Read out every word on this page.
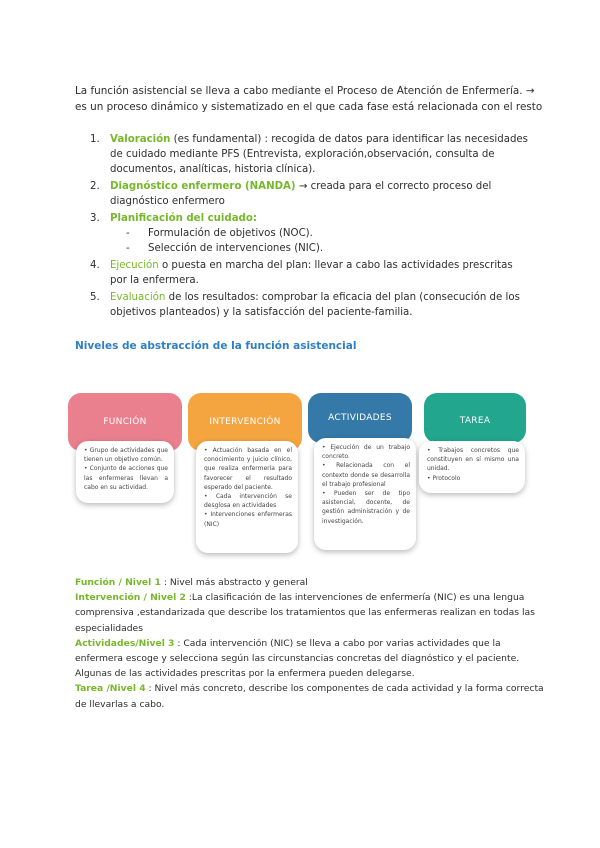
La función asistencial se lleva a cabo mediante el Proceso de Atención de Enfermería. →
es un proceso dinámico y sistematizado en el que cada fase está relacionada con el resto
1.	Valoración (es fundamental) : recogida de datos para identificar las necesidades de cuidado mediante PFS (Entrevista, exploración,observación, consulta de documentos, analíticas, historia clínica).
2.	Diagnóstico enfermero (NANDA) → creada para el correcto proceso del diagnóstico enfermero
3.	Planificación del cuidado:
-	Formulación de objetivos (NOC).
-	Selección de intervenciones (NIC).
4.	Ejecución o puesta en marcha del plan: llevar a cabo las actividades prescritas por la enfermera.
5.	Evaluación de los resultados: comprobar la eficacia del plan (consecución de los objetivos planteados) y la satisfacción del paciente-familia.
Niveles de abstracción de la función asistencial
FUNCIÓN
• Grupo de actividades que tienen un objetivo común.
• Conjunto de acciones que las enfermeras llevan a cabo en su actividad.
INTERVENCIÓN
• Actuación basada en el conocimiento y juicio clínico, que realiza enfermería para favorecer el resultado esperado del paciente.
• Cada intervención se desglosa en actividades
• Intervenciones enfermeras (NIC)
ACTIVIDADES
• Ejecución de un trabajo concreto.
• Relacionada con el contexto donde se desarrolla el trabajo profesional
• Pueden ser de tipo asistencial, docente, de gestión administración y de investigación.
TAREA
• Trabajos concretos que constituyen en sí mismo una unidad.
• Protocolo
Función / Nivel 1 : Nivel más abstracto y general
Intervención / Nivel 2 :La clasificación de las intervenciones de enfermería (NIC) es una lengua comprensiva ,estandarizada que describe los tratamientos que las enfermeras realizan en todas las especialidades
Actividades/Nivel 3 : Cada intervención (NIC) se lleva a cabo por varias actividades que la enfermera escoge y selecciona según las circunstancias concretas del diagnóstico y el paciente. Algunas de las actividades prescritas por la enfermera pueden delegarse.
Tarea /Nivel 4 : Nivel más concreto, describe los componentes de cada actividad y la forma correcta de llevarlas a cabo.
